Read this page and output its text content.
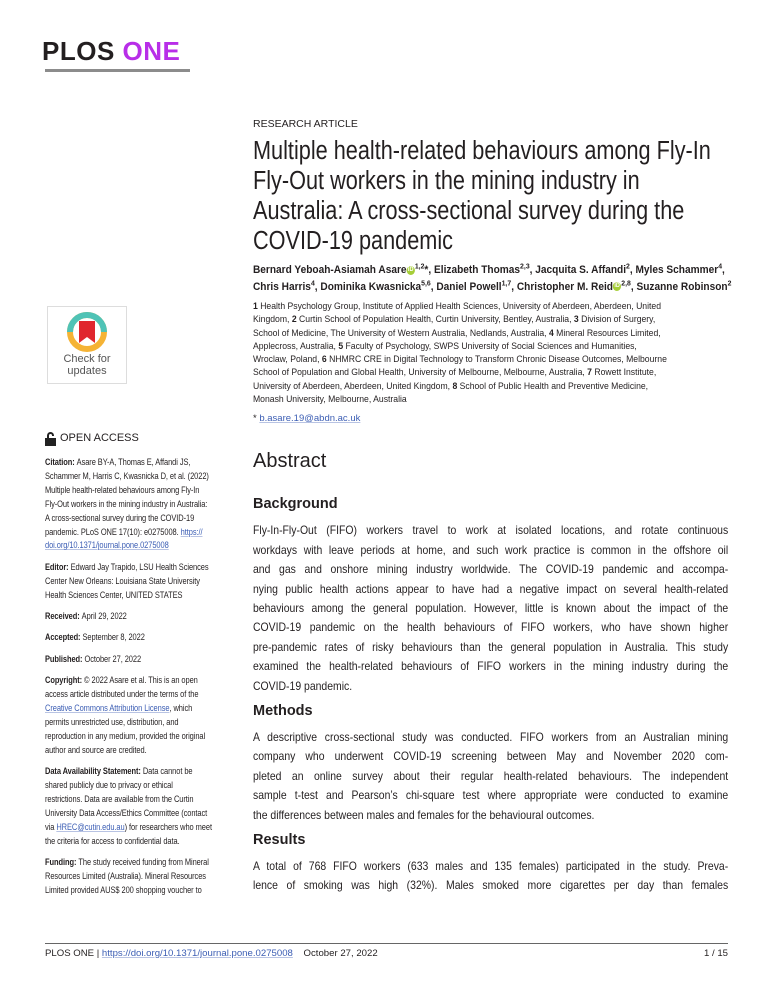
PLOS ONE
RESEARCH ARTICLE
Multiple health-related behaviours among Fly-In Fly-Out workers in the mining industry in Australia: A cross-sectional survey during the COVID-19 pandemic
Bernard Yeboah-Asiamah AsareiD$^{1,2}$*, Elizabeth Thomas$^{2,3}$, Jacquita S. Affandi$^2$, Myles Schammer$^4$, Chris Harris$^4$, Dominika Kwasnicka$^{5,6}$, Daniel Powell$^{1,7}$, Christopher M. ReidiD$^{2,8}$, Suzanne Robinson$^2$
1 Health Psychology Group, Institute of Applied Health Sciences, University of Aberdeen, Aberdeen, United
Kingdom, 2 Curtin School of Population Health, Curtin University, Bentley, Australia, 3 Division of Surgery,
School of Medicine, The University of Western Australia, Nedlands, Australia, 4 Mineral Resources Limited,
Applecross, Australia, 5 Faculty of Psychology, SWPS University of Social Sciences and Humanities,
Wroclaw, Poland, 6 NHMRC CRE in Digital Technology to Transform Chronic Disease Outcomes, Melbourne
School of Population and Global Health, University of Melbourne, Melbourne, Australia, 7 Rowett Institute,
University of Aberdeen, Aberdeen, United Kingdom, 8 School of Public Health and Preventive Medicine,
Monash University, Melbourne, Australia
* b.asare.19@abdn.ac.uk
Abstract
Background
Fly-In-Fly-Out (FIFO) workers travel to work at isolated locations, and rotate continuous
workdays with leave periods at home, and such work practice is common in the offshore oil
and gas and onshore mining industry worldwide. The COVID-19 pandemic and accompa-
nying public health actions appear to have had a negative impact on several health-related
behaviours among the general population. However, little is known about the impact of the
COVID-19 pandemic on the health behaviours of FIFO workers, who have shown higher
pre-pandemic rates of risky behaviours than the general population in Australia. This study
examined the health-related behaviours of FIFO workers in the mining industry during the
COVID-19 pandemic.
Methods
A descriptive cross-sectional study was conducted. FIFO workers from an Australian mining
company who underwent COVID-19 screening between May and November 2020 com-
pleted an online survey about their regular health-related behaviours. The independent
sample t-test and Pearson’s chi-square test where appropriate were conducted to examine
the differences between males and females for the behavioural outcomes.
Results
A total of 768 FIFO workers (633 males and 135 females) participated in the study. Preva-
lence of smoking was high (32%). Males smoked more cigarettes per day than females
Check for
updates
OPEN ACCESS
Citation: Asare BY-A, Thomas E, Affandi JS,
Schammer M, Harris C, Kwasnicka D, et al. (2022)
Multiple health-related behaviours among Fly-In
Fly-Out workers in the mining industry in Australia:
A cross-sectional survey during the COVID-19
pandemic. PLoS ONE 17(10): e0275008. https://
doi.org/10.1371/journal.pone.0275008
Editor: Edward Jay Trapido, LSU Health Sciences
Center New Orleans: Louisiana State University
Health Sciences Center, UNITED STATES
Received: April 29, 2022
Accepted: September 8, 2022
Published: October 27, 2022
Copyright: © 2022 Asare et al. This is an open
access article distributed under the terms of the
Creative Commons Attribution License, which
permits unrestricted use, distribution, and
reproduction in any medium, provided the original
author and source are credited.
Data Availability Statement: Data cannot be
shared publicly due to privacy or ethical
restrictions. Data are available from the Curtin
University Data Access/Ethics Committee (contact
via HREC@cutin.edu.au) for researchers who meet
the criteria for access to confidential data.
Funding: The study received funding from Mineral
Resources Limited (Australia). Mineral Resources
Limited provided AUS$ 200 shopping voucher to
PLOS ONE
|
https://doi.org/10.1371/journal.pone.0275008
October 27, 2022	1 / 15
